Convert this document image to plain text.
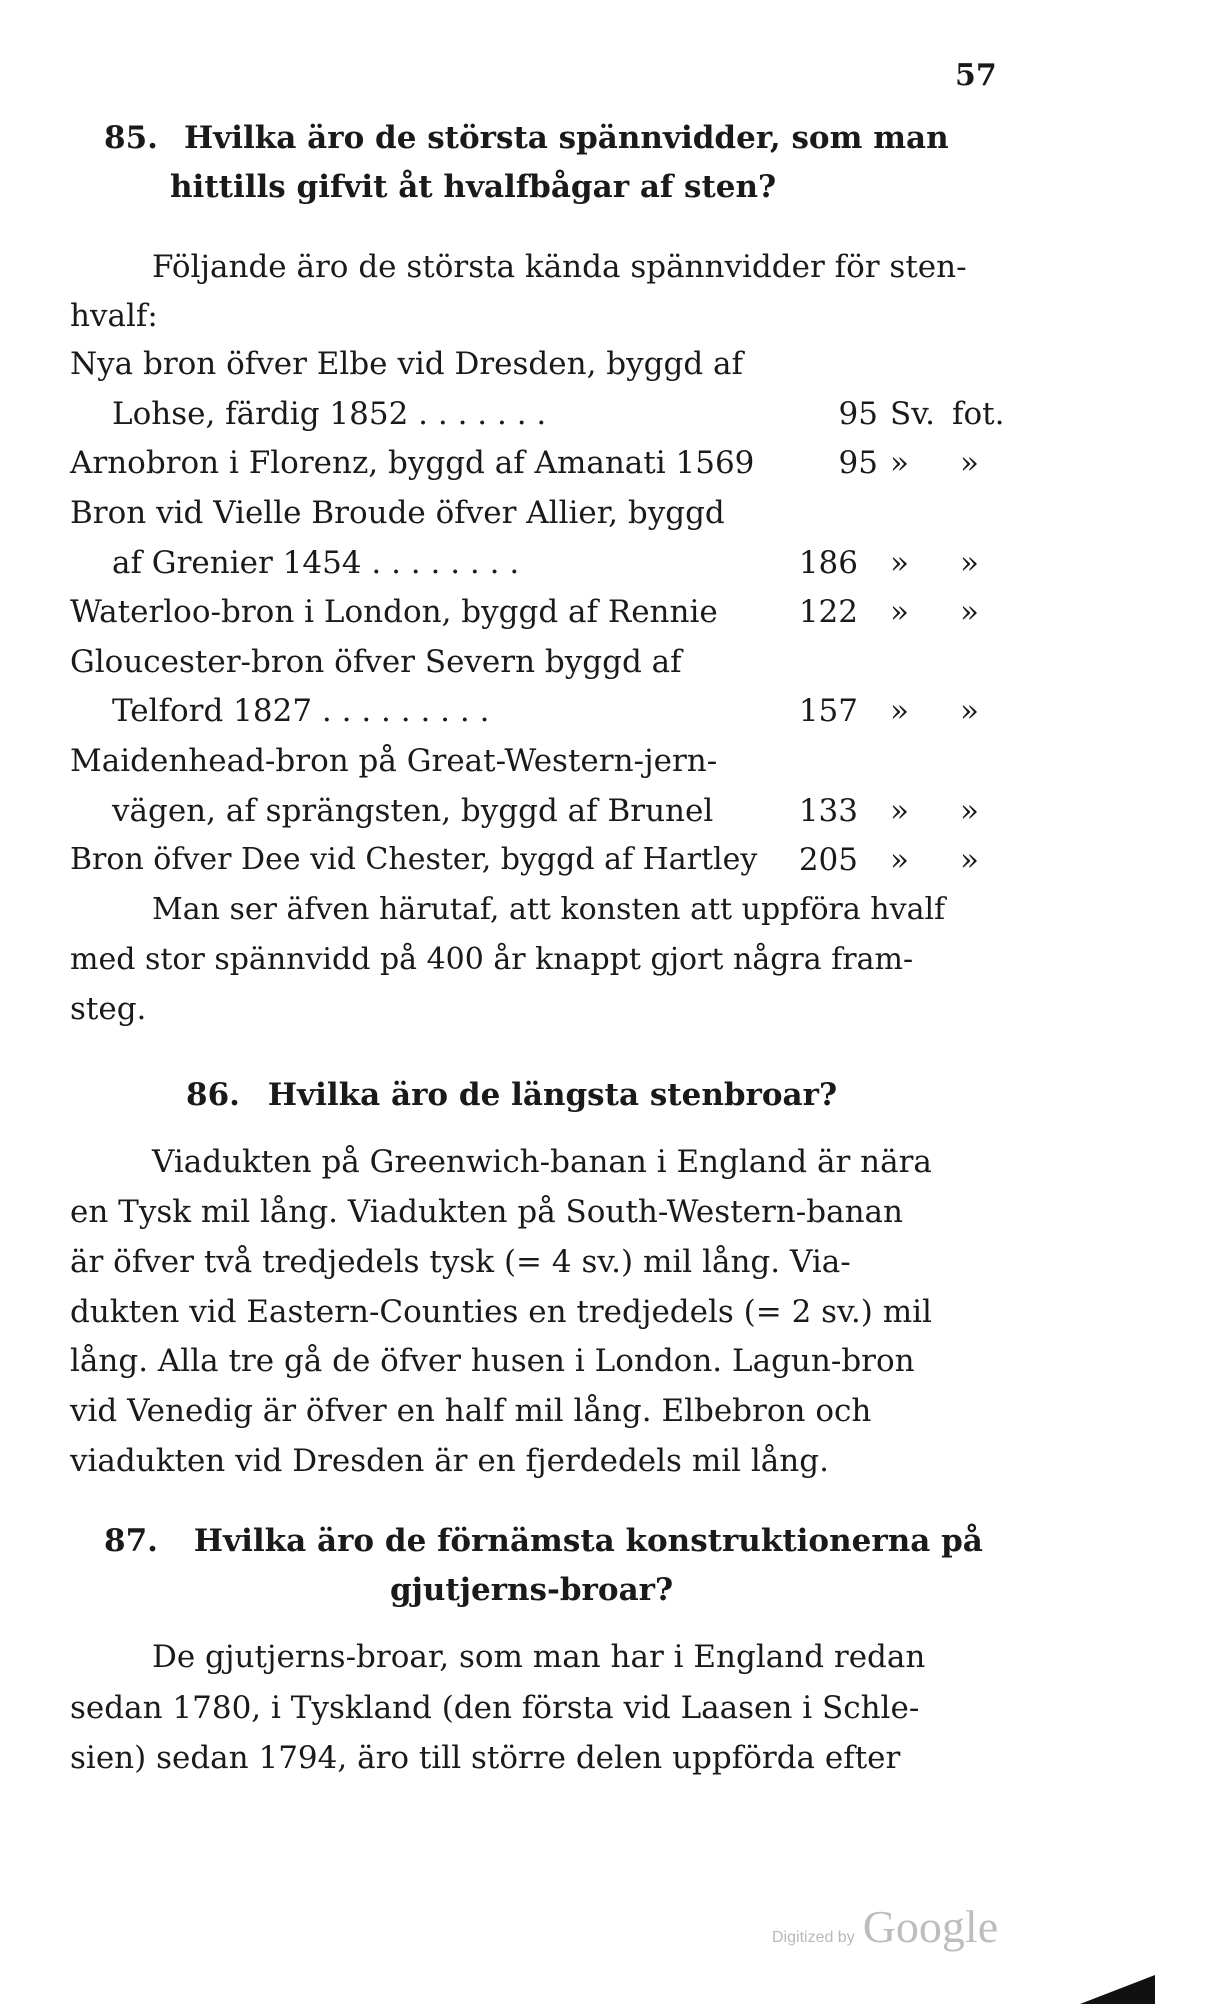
57
85. Hvilka äro de största spännvidder, som man
hittills gifvit åt hvalfbågar af sten?
Följande äro de största kända spännvidder för sten-
hvalf:
Nya bron öfver Elbe vid Dresden, byggd af
Lohse, färdig 1852 . . . . . . .	95 Sv. fot.
Arnobron i Florenz, byggd af Amanati 1569	95 » »
Bron vid Vielle Broude öfver Allier, byggd
af Grenier 1454 . . . . . . . .	186 » »
Waterloo-bron i London, byggd af Rennie	122 » »
Gloucester-bron öfver Severn byggd af
Telford 1827 . . . . . . . . .	157 » »
Maidenhead-bron på Great-Western-jern-
vägen, af sprängsten, byggd af Brunel	133 » »
Bron öfver Dee vid Chester, byggd af Hartley	205 » »
Man ser äfven härutaf, att konsten att uppföra hvalf
med stor spännvidd på 400 år knappt gjort några fram-
steg.
86. Hvilka äro de längsta stenbroar?
Viadukten på Greenwich-banan i England är nära
en Tysk mil lång. Viadukten på South-Western-banan
är öfver två tredjedels tysk (= 4 sv.) mil lång. Via-
dukten vid Eastern-Counties en tredjedels (= 2 sv.) mil
lång. Alla tre gå de öfver husen i London. Lagun-bron
vid Venedig är öfver en half mil lång. Elbebron och
viadukten vid Dresden är en fjerdedels mil lång.
87. Hvilka äro de förnämsta konstruktionerna på
gjutjerns-broar?
De gjutjerns-broar, som man har i England redan
sedan 1780, i Tyskland (den första vid Laasen i Schle-
sien) sedan 1794, äro till större delen uppförda efter
Digitized by Google
